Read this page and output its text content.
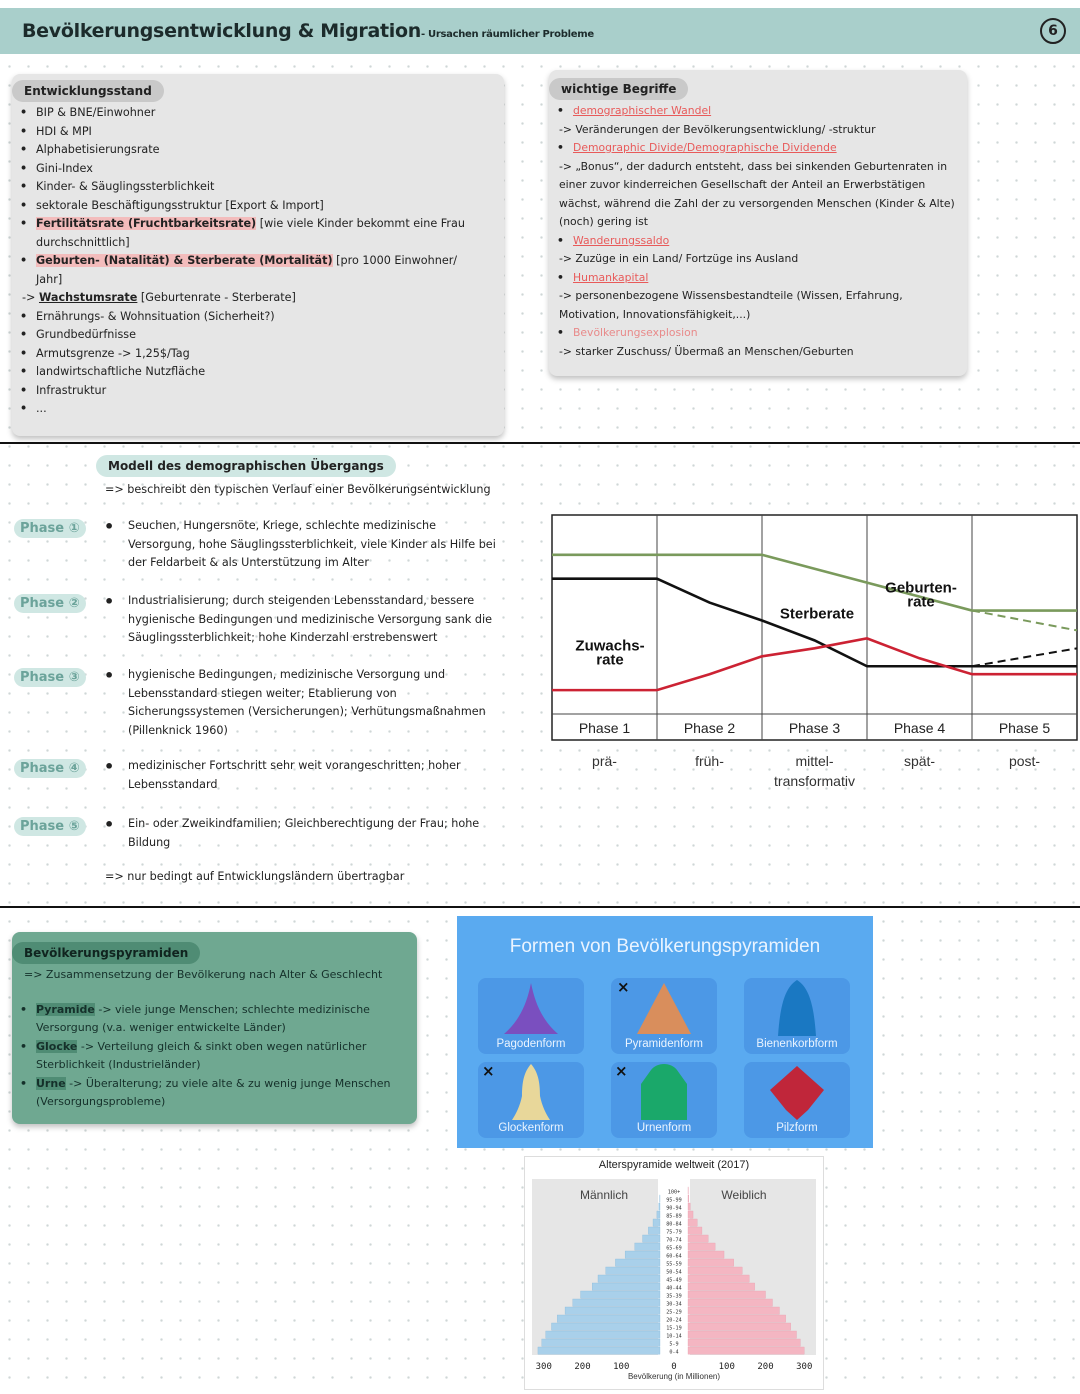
Bevölkerungsentwicklung & Migration- Ursachen räumlicher Probleme	6
Entwicklungsstand
• BIP & BNE/Einwohner
• HDI & MPI
• Alphabetisierungsrate
• Gini-Index
• Kinder- & Säuglingssterblichkeit
• sektorale Beschäftigungsstruktur [Export & Import]
• Fertilitätsrate (Fruchtbarkeitsrate) [wie viele Kinder bekommt eine Frau durchschnittlich]
• Geburten- (Natalität) & Sterberate (Mortalität) [pro 1000 Einwohner/ Jahr]
-> Wachstumsrate [Geburtenrate - Sterberate]
• Ernährungs- & Wohnsituation (Sicherheit?)
• Grundbedürfnisse
• Armutsgrenze -> 1,25$/Tag
• landwirtschaftliche Nutzfläche
• Infrastruktur
• ...
wichtige Begriffe
• demographischer Wandel
-> Veränderungen der Bevölkerungsentwicklung/ -struktur
• Demographic Divide/Demographische Dividende
-> „Bonus“, der dadurch entsteht, dass bei sinkenden Geburtenraten in einer zuvor kinderreichen Gesellschaft der Anteil an Erwerbstätigen wächst, während die Zahl der zu versorgenden Menschen (Kinder & Alte) (noch) gering ist
• Wanderungssaldo
-> Zuzüge in ein Land/ Fortzüge ins Ausland
• Humankapital
-> personenbezogene Wissensbestandteile (Wissen, Erfahrung, Motivation, Innovationsfähigkeit,...)
• Bevölkerungsexplosion
-> starker Zuschuss/ Übermaß an Menschen/Geburten
Modell des demographischen Übergangs
=> beschreibt den typischen Verlauf einer Bevölkerungsentwicklung
Phase ①	• Seuchen, Hungersnöte, Kriege, schlechte medizinische Versorgung, hohe Säuglingssterblichkeit, viele Kinder als Hilfe bei der Feldarbeit & als Unterstützung im Alter
Phase ②	• Industrialisierung; durch steigenden Lebensstandard, bessere hygienische Bedingungen und medizinische Versorgung sank die Säuglingssterblichkeit; hohe Kinderzahl erstrebenswert
Phase ③	• hygienische Bedingungen, medizinische Versorgung und Lebensstandard stiegen weiter; Etablierung von Sicherungssystemen (Versicherungen); Verhütungsmaßnahmen (Pillenknick 1960)
Phase ④	• medizinischer Fortschritt sehr weit vorangeschritten; hoher Lebensstandard
Phase ⑤	• Ein- oder Zweikindfamilien; Gleichberechtigung der Frau; hohe Bildung
=> nur bedingt auf Entwicklungsländern übertragbar
Phase 1
prä-
Phase 2
früh-
Phase 3
mittel-
transformativ
Phase 4
spät-
Phase 5
post-
Zuwachs-
rate
Sterberate
Geburten-
rate
Bevölkerungspyramiden
=> Zusammensetzung der Bevölkerung nach Alter & Geschlecht
• Pyramide -> viele junge Menschen; schlechte medizinische Versorgung (v.a. weniger entwickelte Länder)
• Glocke -> Verteilung gleich & sinkt oben wegen natürlicher Sterblichkeit (Industrieländer)
• Urne -> Überalterung; zu viele alte & zu wenig junge Menschen (Versorgungsprobleme)
Formen von Bevölkerungspyramiden
Pagodenform
×
Pyramidenform	Bienenkorbform
×
Glockenform
×
Urnenform	Pilzform
Alterspyramide weltweit (2017)
100+
95-99
90-94
85-89
80-84
75-79
70-74
65-69
60-64
55-59
50-54
45-49
40-44
35-39
30-34
25-29
20-24
15-19
10-14
5-9
0-4
Männlich	Weiblich
300 200 100	0	100 200 300
Bevölkerung (in Millionen)
